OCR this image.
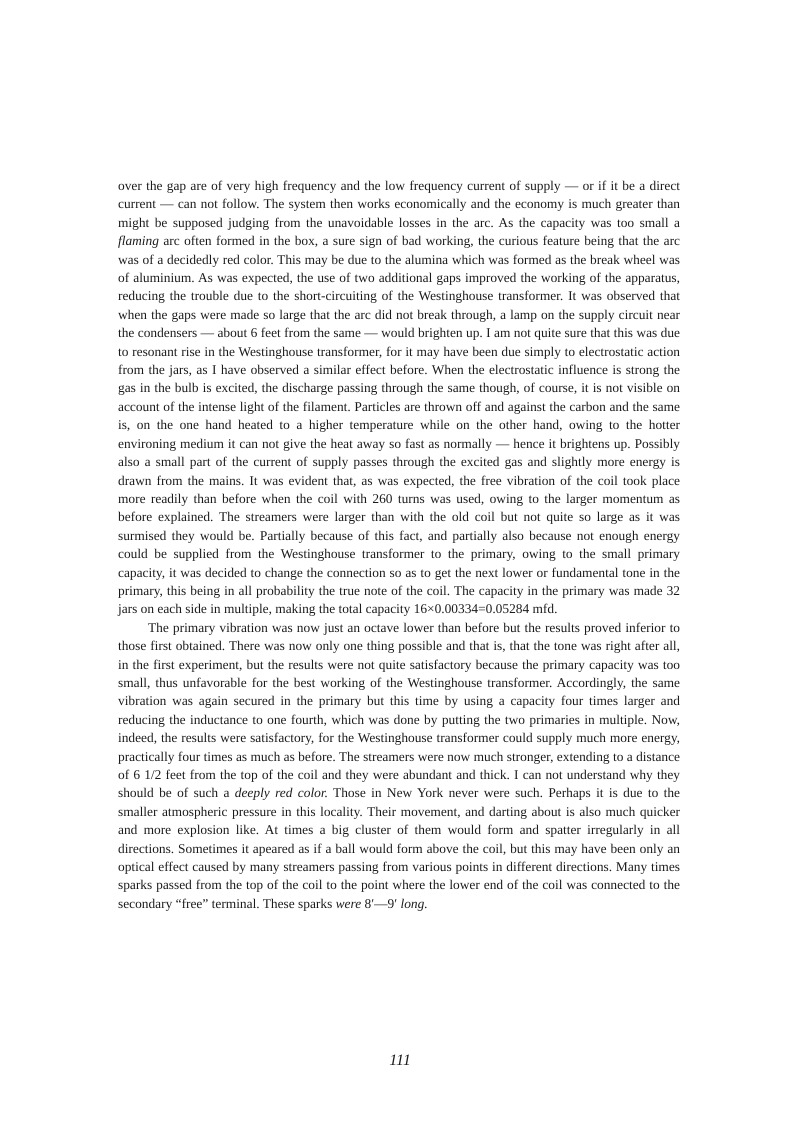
over the gap are of very high frequency and the low frequency current of supply — or if it be a direct current — can not follow. The system then works economically and the economy is much greater than might be supposed judging from the unavoidable losses in the arc. As the capacity was too small a flaming arc often formed in the box, a sure sign of bad working, the curious feature being that the arc was of a decidedly red color. This may be due to the alumina which was formed as the break wheel was of aluminium. As was expected, the use of two additional gaps improved the working of the apparatus, reducing the trouble due to the short-circuiting of the Westinghouse transformer. It was observed that when the gaps were made so large that the arc did not break through, a lamp on the supply circuit near the condensers — about 6 feet from the same — would brighten up. I am not quite sure that this was due to resonant rise in the Westinghouse transformer, for it may have been due simply to electrostatic action from the jars, as I have observed a similar effect before. When the electrostatic influence is strong the gas in the bulb is excited, the discharge passing through the same though, of course, it is not visible on account of the intense light of the filament. Particles are thrown off and against the carbon and the same is, on the one hand heated to a higher temperature while on the other hand, owing to the hotter environing medium it can not give the heat away so fast as normally — hence it brightens up. Possibly also a small part of the current of supply passes through the excited gas and slightly more energy is drawn from the mains. It was evident that, as was expected, the free vibration of the coil took place more readily than before when the coil with 260 turns was used, owing to the larger momentum as before explained. The streamers were larger than with the old coil but not quite so large as it was surmised they would be. Partially because of this fact, and partially also because not enough energy could be supplied from the Westinghouse transformer to the primary, owing to the small primary capacity, it was decided to change the connection so as to get the next lower or fundamental tone in the primary, this being in all probability the true note of the coil. The capacity in the primary was made 32 jars on each side in multiple, making the total capacity 16×0.00334=0.05284 mfd.

The primary vibration was now just an octave lower than before but the results proved inferior to those first obtained. There was now only one thing possible and that is, that the tone was right after all, in the first experiment, but the results were not quite satisfactory because the primary capacity was too small, thus unfavorable for the best working of the Westinghouse transformer. Accordingly, the same vibration was again secured in the primary but this time by using a capacity four times larger and reducing the inductance to one fourth, which was done by putting the two primaries in multiple. Now, indeed, the results were satisfactory, for the Westinghouse transformer could supply much more energy, practically four times as much as before. The streamers were now much stronger, extending to a distance of 6 1/2 feet from the top of the coil and they were abundant and thick. I can not understand why they should be of such a deeply red color. Those in New York never were such. Perhaps it is due to the smaller atmospheric pressure in this locality. Their movement, and darting about is also much quicker and more explosion like. At times a big cluster of them would form and spatter irregularly in all directions. Sometimes it apeared as if a ball would form above the coil, but this may have been only an optical effect caused by many streamers passing from various points in different directions. Many times sparks passed from the top of the coil to the point where the lower end of the coil was connected to the secondary “free” terminal. These sparks were 8′—9′ long.

111
